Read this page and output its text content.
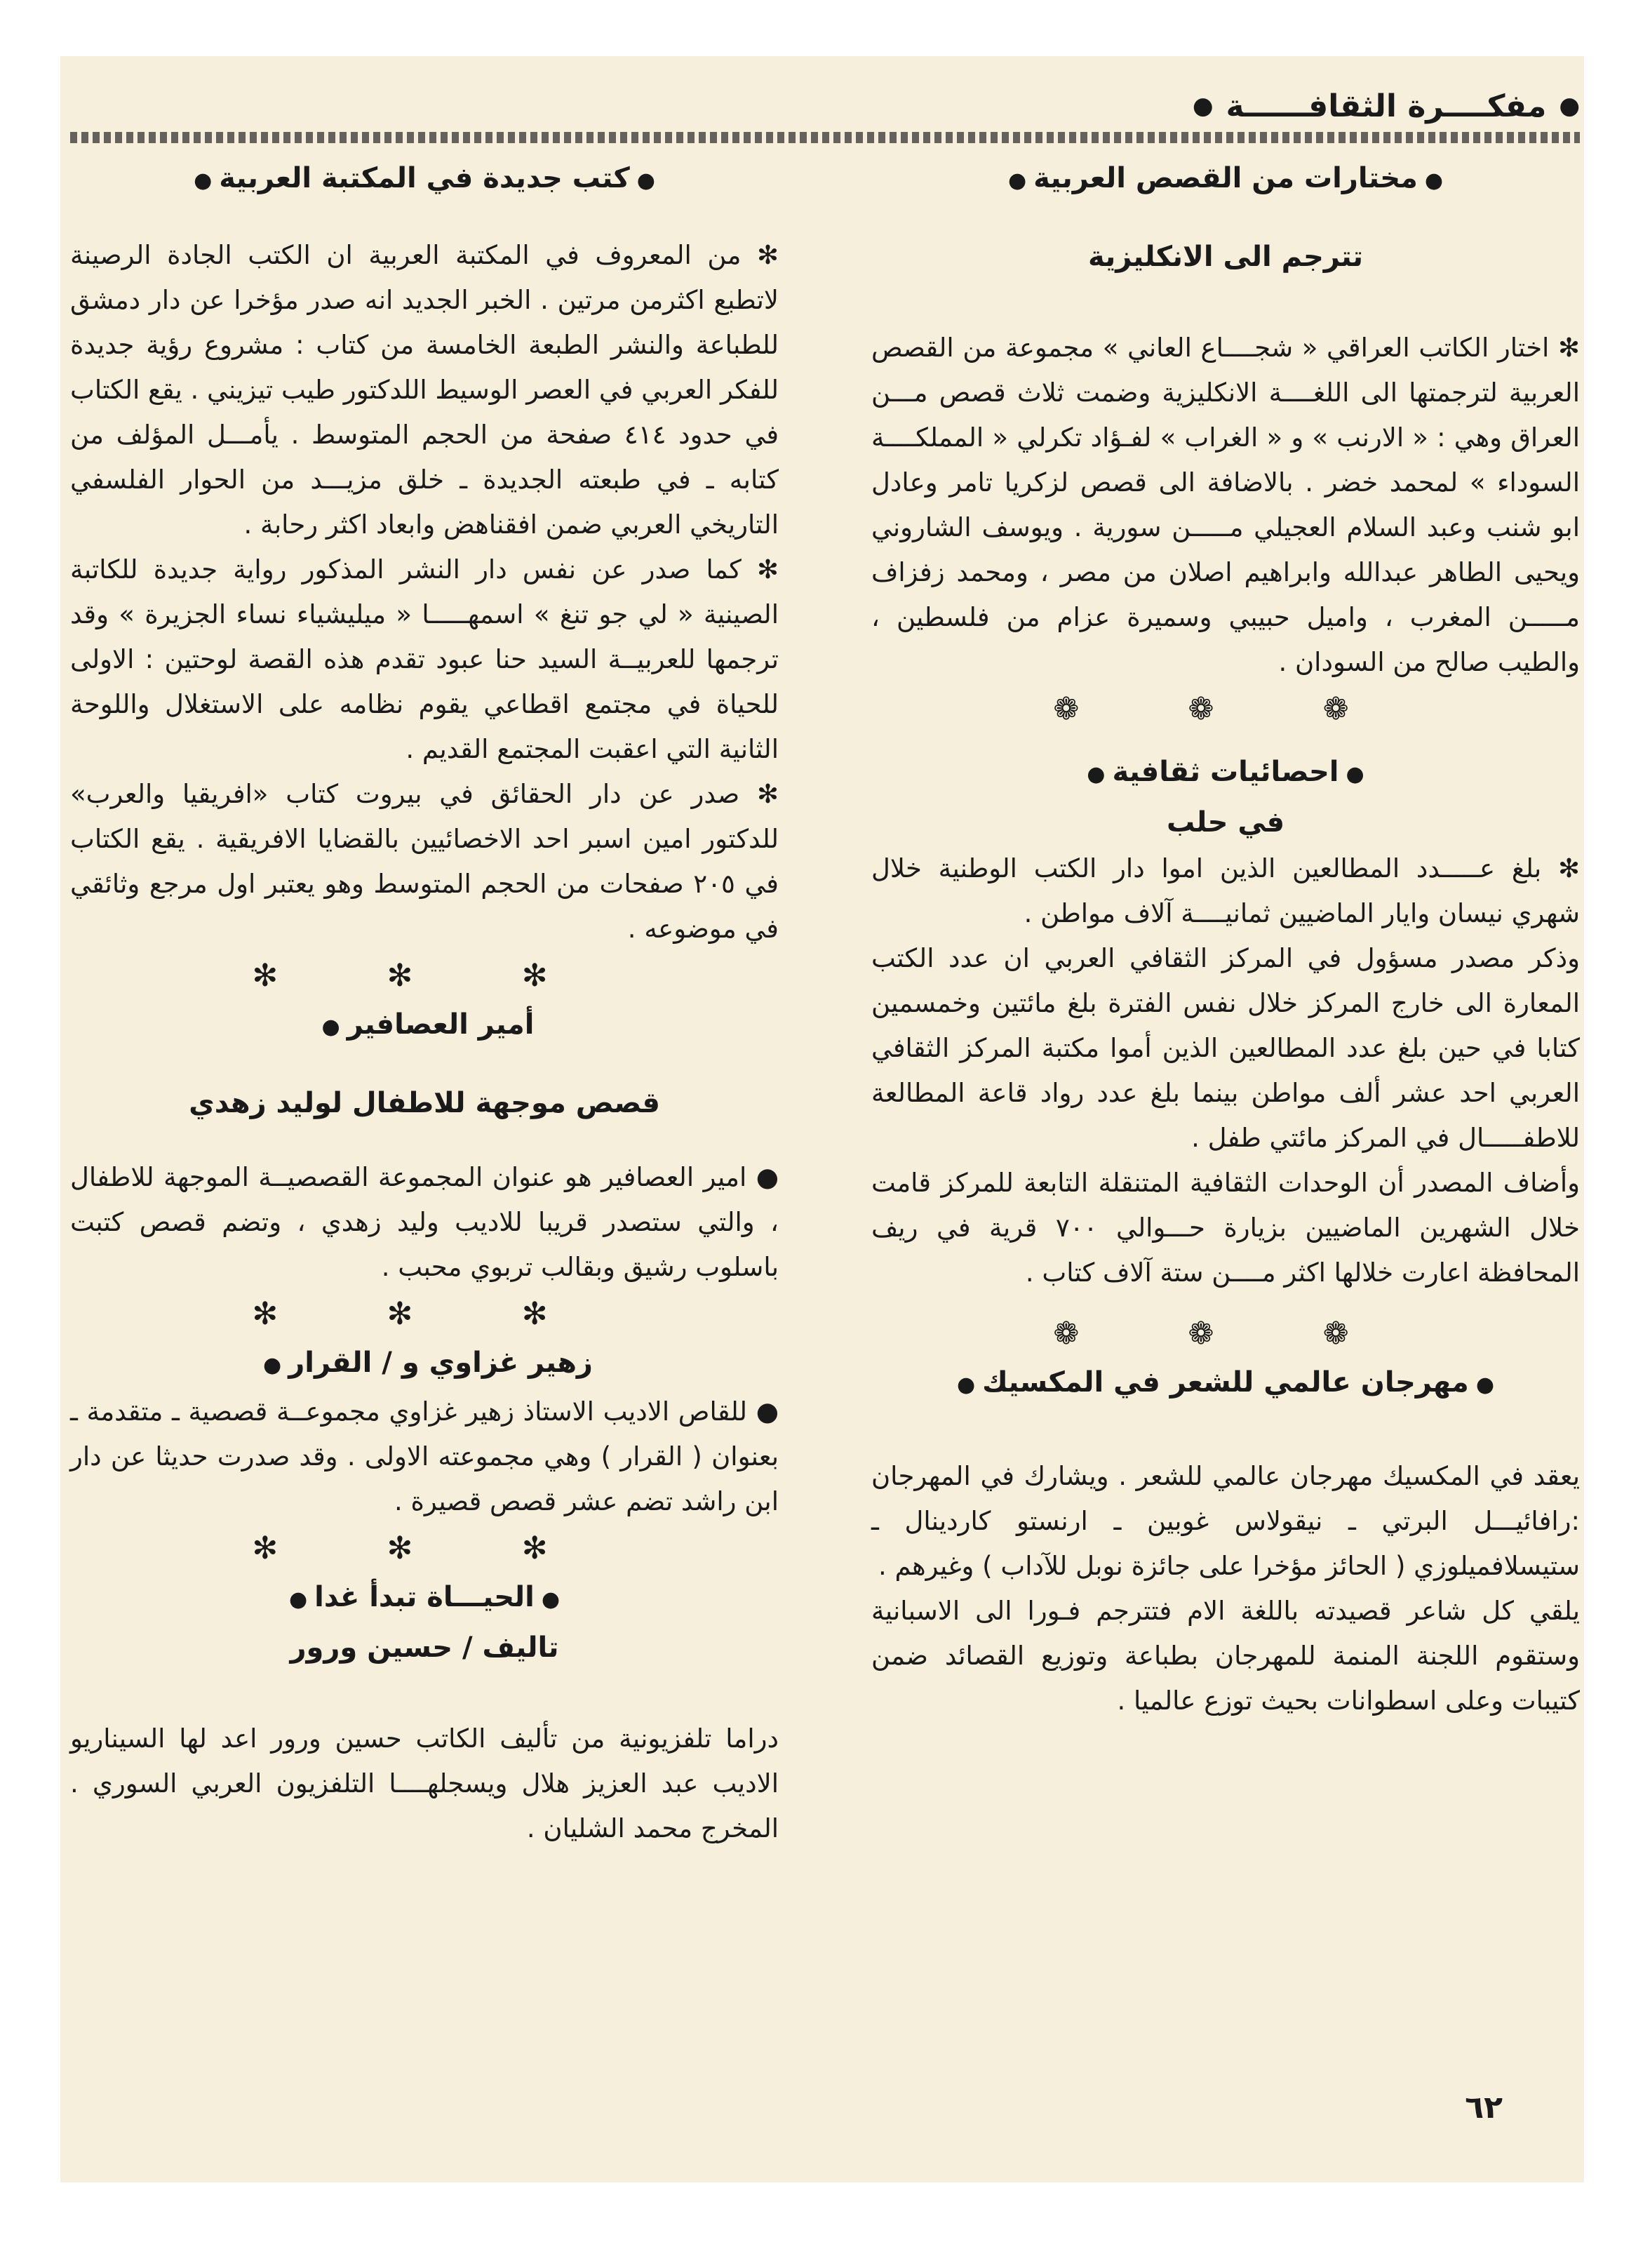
●
مفكــــرة الثقافــــــة
●
●مختارات من القصص العربية●
تترجم الى الانكليزية

✻ اختار الكاتب العراقي « شجــــاع العاني » مجموعة من القصص العربية لترجمتها الى اللغــــة الانكليزية وضمت ثلاث قصص مـــن العراق وهي : « الارنب » و « الغراب » لفـؤاد تكرلي « المملكــــة السوداء » لمحمد خضر . بالاضافة الى قصص لزكريا تامر وعادل ابو شنب وعبد السلام العجيلي مـــــن سورية . ويوسف الشاروني ويحيى الطاهر عبدالله وابراهيم اصلان من مصر ، ومحمد زفزاف مـــــن المغرب ، واميل حبيبي وسميرة عزام من فلسطين ، والطيب صالح من السودان .

❁ ❁ ❁
●احصائيات ثقافية●
في حلب

✻ بلغ عـــــدد المطالعين الذين اموا دار الكتب الوطنية خلال شهري نيسان وايار الماضيين ثمانيــــة آلاف مواطن .

وذكر مصدر مسؤول في المركز الثقافي العربي ان عدد الكتب المعارة الى خارج المركز خلال نفس الفترة بلغ مائتين وخمسمين كتابا في حين بلغ عدد المطالعين الذين أموا مكتبة المركز الثقافي العربي احد عشر ألف مواطن بينما بلغ عدد رواد قاعة المطالعة للاطفـــــال في المركز مائتي طفل .

وأضاف المصدر أن الوحدات الثقافية المتنقلة التابعة للمركز قامت خلال الشهرين الماضيين بزيارة حـــوالي ٧٠٠ قرية في ريف المحافظة اعارت خلالها اكثر مــــن ستة آلاف كتاب .

❁ ❁ ❁
●مهرجان عالمي للشعر في المكسيك●

يعقد في المكسيك مهرجان عالمي للشعر . ويشارك في المهرجان :رافائيـــل البرتي ـ نيقولاس غوبين ـ ارنستو كاردينال ـ ستيسلافميلوزي ( الحائز مؤخرا على جائزة نوبل للآداب ) وغيرهم .

يلقي كل شاعر قصيدته باللغة الام فتترجم فـورا الى الاسبانية وستقوم اللجنة المنمة للمهرجان بطباعة وتوزيع القصائد ضمن كتيبات وعلى اسطوانات بحيث توزع عالميا .

●كتب جديدة في المكتبة العربية●

✻ من المعروف في المكتبة العربية ان الكتب الجادة الرصينة لاتطبع اكثرمن مرتين . الخبر الجديد انه صدر مؤخرا عن دار دمشق للطباعة والنشر الطبعة الخامسة من كتاب : مشروع رؤية جديدة للفكر العربي في العصر الوسيط اللدكتور طيب تيزيني . يقع الكتاب في حدود ٤١٤ صفحة من الحجم المتوسط . يأمـــل المؤلف من كتابه ـ في طبعته الجديدة ـ خلق مزيـــد من الحوار الفلسفي التاريخي العربي ضمن افقناهض وابعاد اكثر رحابة .

✻ كما صدر عن نفس دار النشر المذكور رواية جديدة للكاتبة الصينية « لي جو تنغ » اسمهـــــا « ميليشياء نساء الجزيرة » وقد ترجمها للعربيــة السيد حنا عبود تقدم هذه القصة لوحتين : الاولى للحياة في مجتمع اقطاعي يقوم نظامه على الاستغلال واللوحة الثانية التي اعقبت المجتمع القديم .

✻ صدر عن دار الحقائق في بيروت كتاب «افريقيا والعرب» للدكتور امين اسبر احد الاخصائيين بالقضايا الافريقية . يقع الكتاب في ٢٠٥ صفحات من الحجم المتوسط وهو يعتبر اول مرجع وثائقي في موضوعه .

✻ ✻ ✻
أمير العصافير●
قصص موجهة للاطفال لوليد زهدي

● امير العصافير هو عنوان المجموعة القصصيــة الموجهة للاطفال ، والتي ستصدر قريبا للاديب وليد زهدي ، وتضم قصص كتبت باسلوب رشيق وبقالب تربوي محبب .

✻ ✻ ✻
زهير غزاوي و / القرار●

● للقاص الاديب الاستاذ زهير غزاوي مجموعــة قصصية ـ متقدمة ـ بعنوان ( القرار ) وهي مجموعته الاولى . وقد صدرت حديثا عن دار ابن راشد تضم عشر قصص قصيرة .

✻ ✻ ✻
●الحيـــاة تبدأ غدا●
تاليف / حسين ورور

دراما تلفزيونية من تأليف الكاتب حسين ورور اعد لها السيناريو الاديب عبد العزيز هلال ويسجلهــــا التلفزيون العربي السوري . المخرج محمد الشليان .

٦٢
